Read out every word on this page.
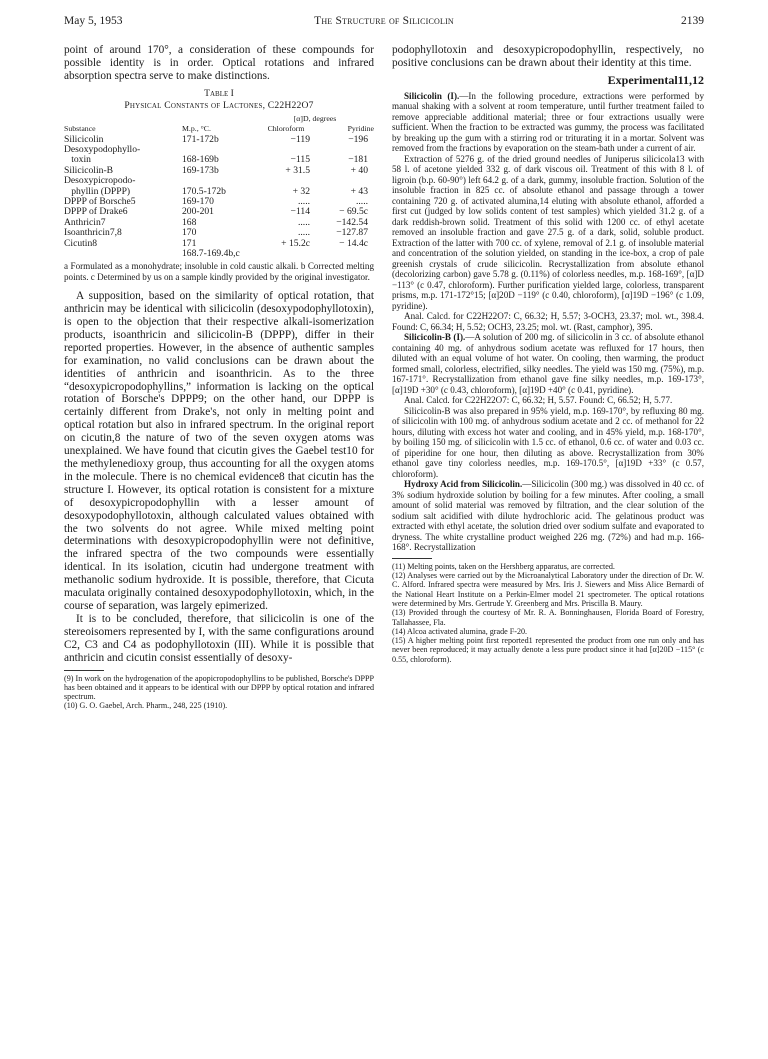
May 5, 1953	The Structure of Silicicolin	2139

point of around 170°, a consideration of these compounds for possible identity is in order. Optical rotations and infrared absorption spectra serve to make distinctions.

Table I
Physical Constants of Lactones, C22H22O7
Substance	M.p., °C.	[α]D, degrees	
		Chloroform	Pyridine
Silicicolin	171-172b	−119	−196
Desoxypodophyllo-			
toxin	168-169b	−115	−181
Silicicolin-B	169-173b	+ 31.5	+ 40
Desoxypicropodo-			
phyllin (DPPP)	170.5-172b	+ 32	+ 43
DPPP of Borsche5	169-170	.....	.....
DPPP of Drake6	200-201	−114	− 69.5c
Anthricin7	168	.....	−142.54
Isoanthricin7,8	170	.....	−127.87
Cicutin8	171	+ 15.2c	− 14.4c
	168.7-169.4b,c		

a Formulated as a monohydrate; insoluble in cold caustic alkali. b Corrected melting points. c Determined by us on a sample kindly provided by the original investigator.

A supposition, based on the similarity of optical rotation, that anthricin may be identical with silicicolin (desoxypodophyllotoxin), is open to the objection that their respective alkali-isomerization products, isoanthricin and silicicolin-B (DPPP), differ in their reported properties. However, in the absence of authentic samples for examination, no valid conclusions can be drawn about the identities of anthricin and isoanthricin. As to the three “desoxypicropodophyllins,” information is lacking on the optical rotation of Borsche's DPPP9; on the other hand, our DPPP is certainly different from Drake's, not only in melting point and optical rotation but also in infrared spectrum. In the original report on cicutin,8 the nature of two of the seven oxygen atoms was unexplained. We have found that cicutin gives the Gaebel test10 for the methylenedioxy group, thus accounting for all the oxygen atoms in the molecule. There is no chemical evidence8 that cicutin has the structure I. However, its optical rotation is consistent for a mixture of desoxypicropodophyllin with a lesser amount of desoxypodophyllotoxin, although calculated values obtained with the two solvents do not agree. While mixed melting point determinations with desoxypicropodophyllin were not definitive, the infrared spectra of the two compounds were essentially identical. In its isolation, cicutin had undergone treatment with methanolic sodium hydroxide. It is possible, therefore, that Cicuta maculata originally contained desoxypodophyllotoxin, which, in the course of separation, was largely epimerized.

It is to be concluded, therefore, that silicicolin is one of the stereoisomers represented by I, with the same configurations around C2, C3 and C4 as podophyllotoxin (III). While it is possible that anthricin and cicutin consist essentially of desoxy-

(9) In work on the hydrogenation of the apopicropodophyllins to be published, Borsche's DPPP has been obtained and it appears to be identical with our DPPP by optical rotation and infrared spectrum.

(10) G. O. Gaebel, Arch. Pharm., 248, 225 (1910).

podophyllotoxin and desoxypicropodophyllin, respectively, no positive conclusions can be drawn about their identity at this time.

Experimental11,12

Silicicolin (I).—In the following procedure, extractions were performed by manual shaking with a solvent at room temperature, until further treatment failed to remove appreciable additional material; three or four extractions usually were sufficient. When the fraction to be extracted was gummy, the process was facilitated by breaking up the gum with a stirring rod or triturating it in a mortar. Solvent was removed from the fractions by evaporation on the steam-bath under a current of air.

Extraction of 5276 g. of the dried ground needles of Juniperus silicicola13 with 58 l. of acetone yielded 332 g. of dark viscous oil. Treatment of this with 8 l. of ligroin (b.p. 60-90°) left 64.2 g. of a dark, gummy, insoluble fraction. Solution of the insoluble fraction in 825 cc. of absolute ethanol and passage through a tower containing 720 g. of activated alumina,14 eluting with absolute ethanol, afforded a first cut (judged by low solids content of test samples) which yielded 31.2 g. of a dark reddish-brown solid. Treatment of this solid with 1200 cc. of ethyl acetate removed an insoluble fraction and gave 27.5 g. of a dark, solid, soluble product. Extraction of the latter with 700 cc. of xylene, removal of 2.1 g. of insoluble material and concentration of the solution yielded, on standing in the ice-box, a crop of pale greenish crystals of crude silicicolin. Recrystallization from absolute ethanol (decolorizing carbon) gave 5.78 g. (0.11%) of colorless needles, m.p. 168-169°, [α]D −113° (c 0.47, chloroform). Further purification yielded large, colorless, transparent prisms, m.p. 171-172°15; [α]20D −119° (c 0.40, chloroform), [α]19D −196° (c 1.09, pyridine).

Anal. Calcd. for C22H22O7: C, 66.32; H, 5.57; 3-OCH3, 23.37; mol. wt., 398.4. Found: C, 66.34; H, 5.52; OCH3, 23.25; mol. wt. (Rast, camphor), 395.

Silicicolin-B (I).—A solution of 200 mg. of silicicolin in 3 cc. of absolute ethanol containing 40 mg. of anhydrous sodium acetate was refluxed for 17 hours, then diluted with an equal volume of hot water. On cooling, then warming, the product formed small, colorless, electrified, silky needles. The yield was 150 mg. (75%), m.p. 167-171°. Recrystallization from ethanol gave fine silky needles, m.p. 169-173°, [α]19D +30° (c 0.43, chloroform), [α]19D +40° (c 0.41, pyridine).

Anal. Calcd. for C22H22O7: C, 66.32; H, 5.57. Found: C, 66.52; H, 5.77.

Silicicolin-B was also prepared in 95% yield, m.p. 169-170°, by refluxing 80 mg. of silicicolin with 100 mg. of anhydrous sodium acetate and 2 cc. of methanol for 22 hours, diluting with excess hot water and cooling, and in 45% yield, m.p. 168-170°, by boiling 150 mg. of silicicolin with 1.5 cc. of ethanol, 0.6 cc. of water and 0.03 cc. of piperidine for one hour, then diluting as above. Recrystallization from 30% ethanol gave tiny colorless needles, m.p. 169-170.5°, [α]19D +33° (c 0.57, chloroform).

Hydroxy Acid from Silicicolin.—Silicicolin (300 mg.) was dissolved in 40 cc. of 3% sodium hydroxide solution by boiling for a few minutes. After cooling, a small amount of solid material was removed by filtration, and the clear solution of the sodium salt acidified with dilute hydrochloric acid. The gelatinous product was extracted with ethyl acetate, the solution dried over sodium sulfate and evaporated to dryness. The white crystalline product weighed 226 mg. (72%) and had m.p. 166-168°. Recrystallization

(11) Melting points, taken on the Hershberg apparatus, are corrected.

(12) Analyses were carried out by the Microanalytical Laboratory under the direction of Dr. W. C. Alford. Infrared spectra were measured by Mrs. Iris J. Siewers and Miss Alice Bernardi of the National Heart Institute on a Perkin-Elmer model 21 spectrometer. The optical rotations were determined by Mrs. Gertrude Y. Greenberg and Mrs. Priscilla B. Maury.

(13) Provided through the courtesy of Mr. R. A. Bonninghausen, Florida Board of Forestry, Tallahassee, Fla.

(14) Alcoa activated alumina, grade F-20.

(15) A higher melting point first reported1 represented the product from one run only and has never been reproduced; it may actually denote a less pure product since it had [α]20D −115° (c 0.55, chloroform).
